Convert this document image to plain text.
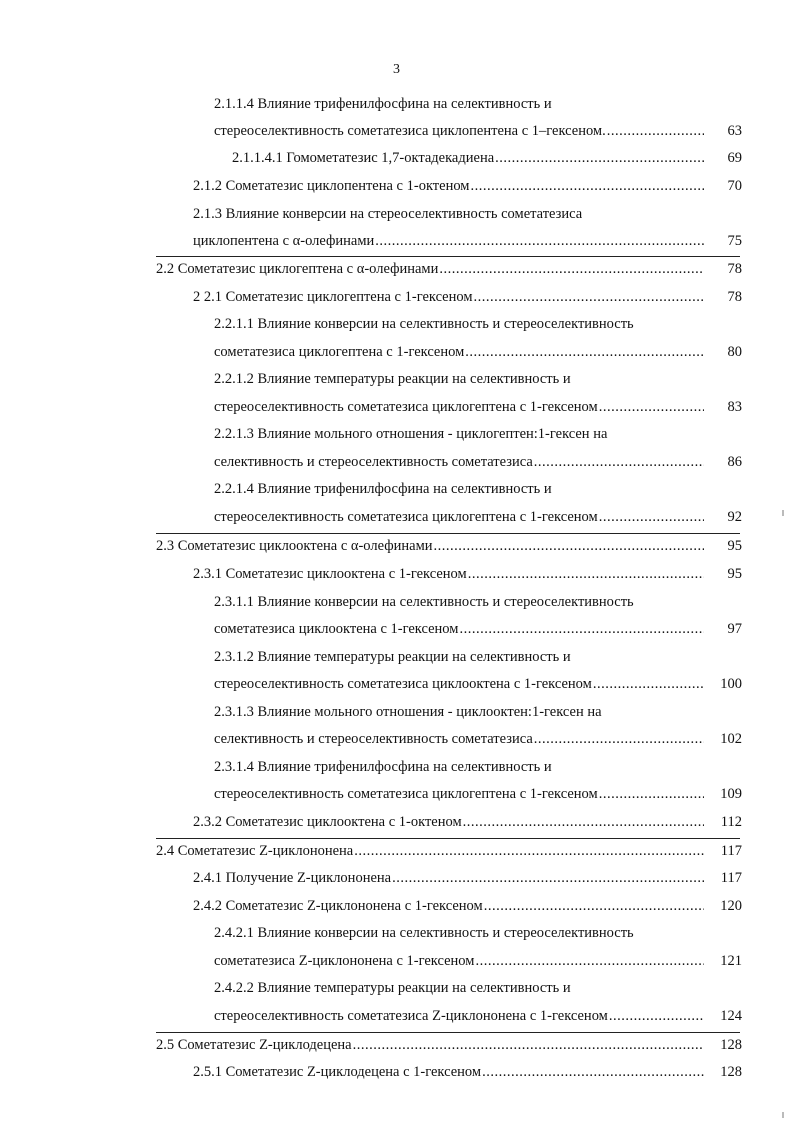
3
2.1.1.4 Влияние трифенилфосфина на селективность и
стереоселективность сометатезиса циклопентена с 1–гексеном. .....	63
2.1.1.4.1 Гомометатезис 1,7-октадекадиена .....	69
2.1.2 Сометатезис циклопентена с 1-октеном .....	70
2.1.3 Влияние конверсии на стереоселективность сометатезиса
циклопентена с α-олефинами .....	75
2.2 Сометатезис циклогептена с α-олефинами .....	78
2 2.1 Сометатезис циклогептена с 1-гексеном .....	78
2.2.1.1 Влияние конверсии на селективность и стереоселективность
сометатезиса циклогептена с 1-гексеном .....	80
2.2.1.2 Влияние температуры реакции на селективность и
стереоселективность сометатезиса циклогептена с 1-гексеном .....	83
2.2.1.3 Влияние мольного отношения - циклогептен:1-гексен на
селективность и стереоселективность сометатезиса .....	86
2.2.1.4 Влияние трифенилфосфина на селективность и
стереоселективность сометатезиса циклогептена с 1-гексеном .....	92
2.3 Сометатезис циклооктена с α-олефинами .....	95
2.3.1 Сометатезис циклооктена с 1-гексеном .....	95
2.3.1.1 Влияние конверсии на селективность и стереоселективность
сометатезиса циклооктена с 1-гексеном .....	97
2.3.1.2 Влияние температуры реакции на селективность и
стереоселективность сометатезиса циклооктена с 1-гексеном .....	100
2.3.1.3 Влияние мольного отношения - циклооктен:1-гексен на
селективность и стереоселективность сометатезиса .....	102
2.3.1.4 Влияние трифенилфосфина на селективность и
стереоселективность сометатезиса циклогептена с 1-гексеном .....	109
2.3.2 Сометатезис циклооктена с 1-октеном .....	112
2.4 Сометатезис Z-циклононена .....	117
2.4.1 Получение Z-циклононена .....	117
2.4.2 Сометатезис Z-циклононена с 1-гексеном .....	120
2.4.2.1 Влияние конверсии на селективность и стереоселективность
сометатезиса Z-циклононена с 1-гексеном .....	121
2.4.2.2 Влияние температуры реакции на селективность и
стереоселективность сометатезиса Z-циклононена с 1-гексеном .....	124
2.5 Сометатезис Z-циклодецена .....	128
2.5.1 Сометатезис Z-циклодецена с 1-гексеном .....	128
